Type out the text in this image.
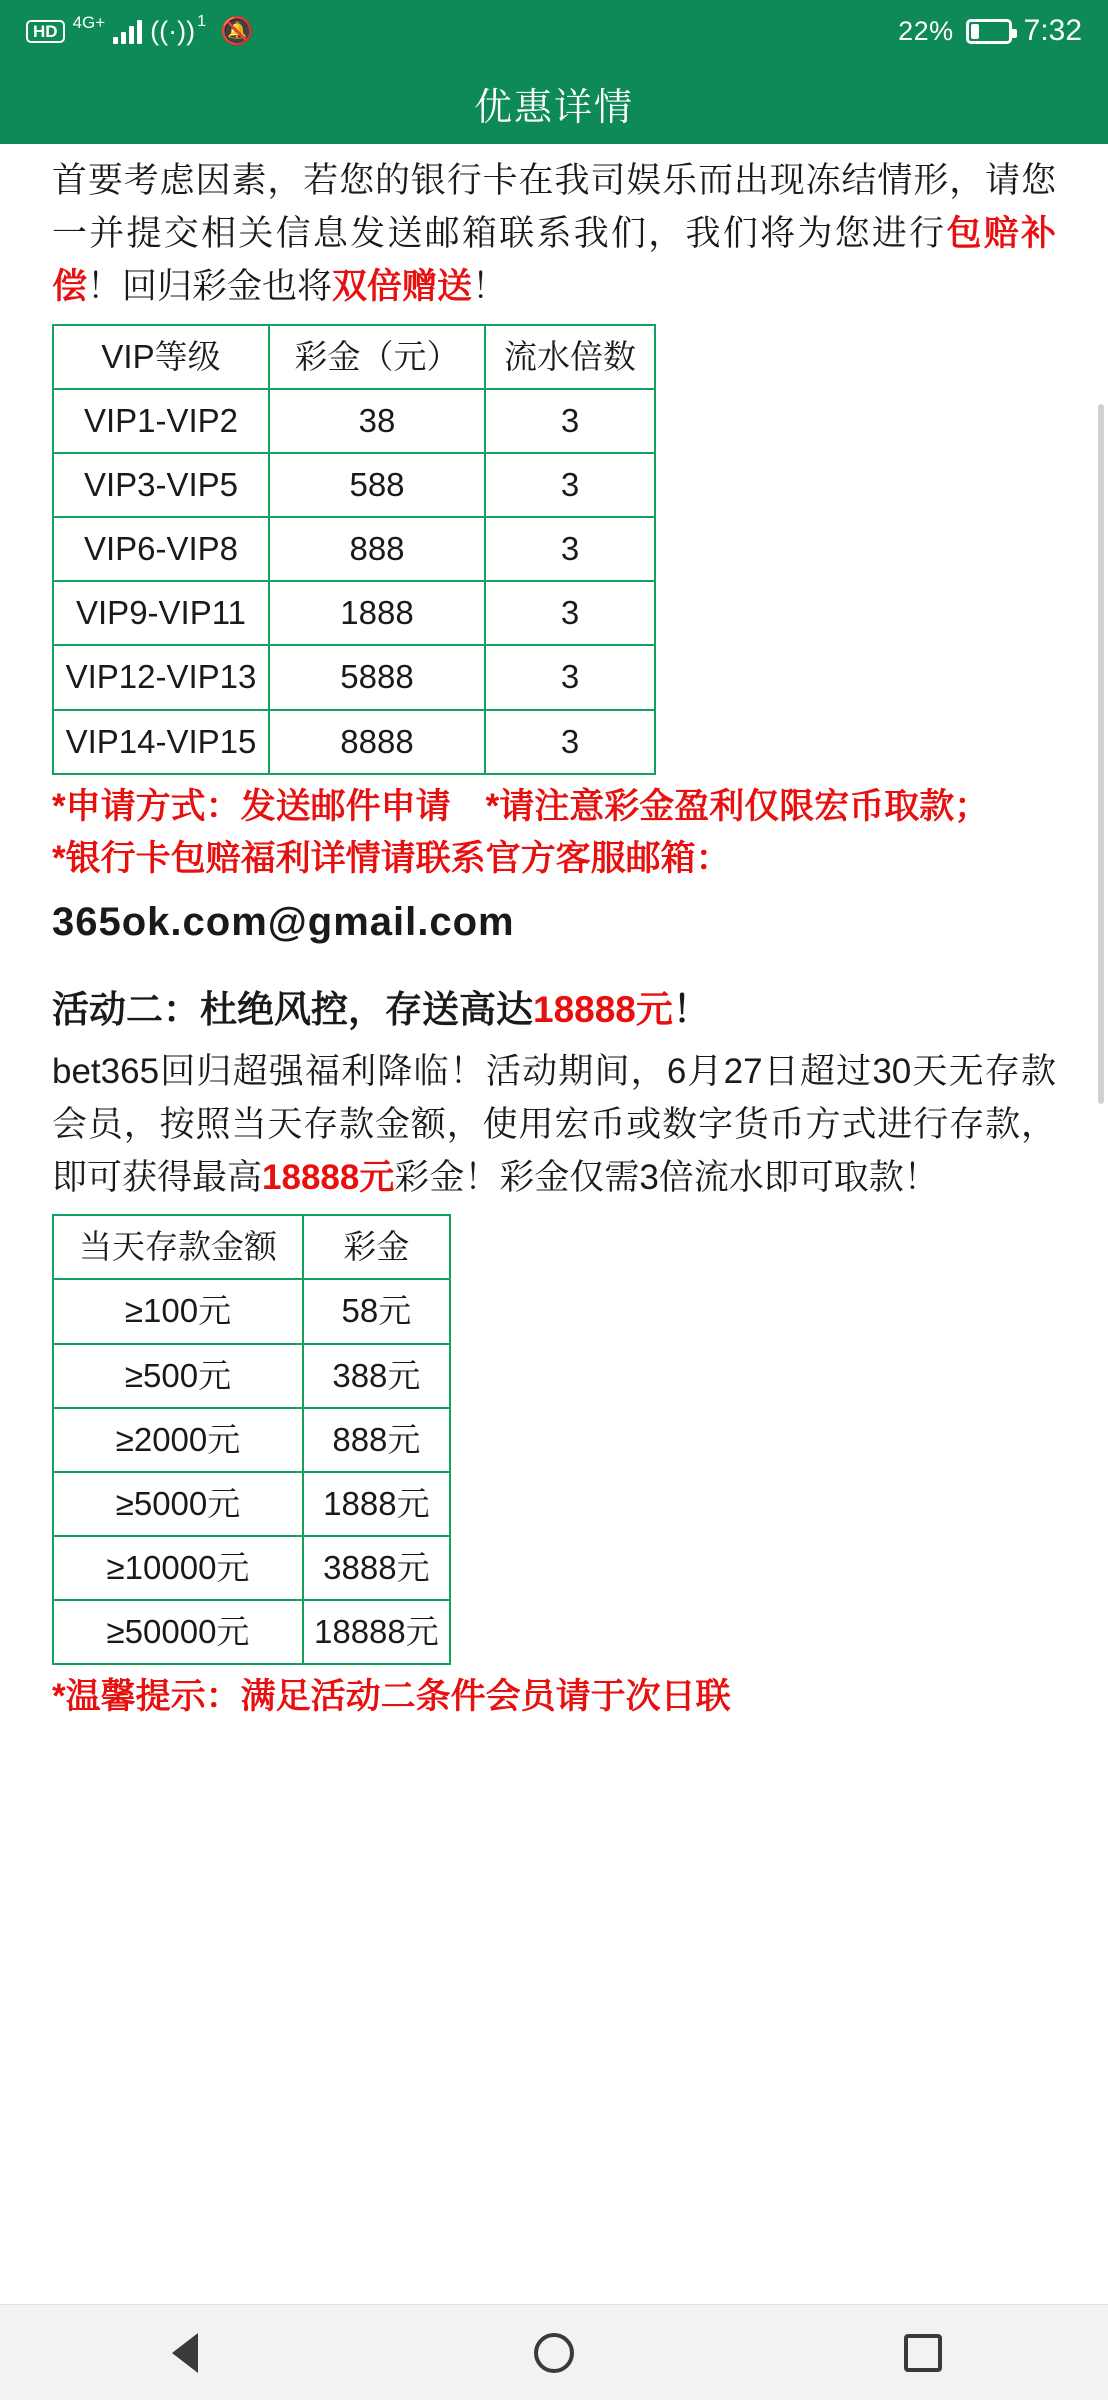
HD 4G+ ((·)) 1 🔕	22% 7:32
优惠详情
首要考虑因素，若您的银行卡在我司娱乐而出现冻结情形，请您一并提交相关信息发送邮箱联系我们，我们将为您进行包赔补偿！回归彩金也将双倍赠送！
VIP等级	彩金（元）	流水倍数
VIP1-VIP2	38	3
VIP3-VIP5	588	3
VIP6-VIP8	888	3
VIP9-VIP11	1888	3
VIP12-VIP13	5888	3
VIP14-VIP15	8888	3
*申请方式：发送邮件申请　*请注意彩金盈利仅限宏币取款；
*银行卡包赔福利详情请联系官方客服邮箱：
365ok.com@gmail.com
活动二：杜绝风控，存送高达18888元！
bet365回归超强福利降临！活动期间，6月27日超过30天无存款会员，按照当天存款金额，使用宏币或数字货币方式进行存款，即可获得最高18888元彩金！彩金仅需3倍流水即可取款！
当天存款金额	彩金
≥100元	58元
≥500元	388元
≥2000元	888元
≥5000元	1888元
≥10000元	3888元
≥50000元	18888元
*温馨提示：满足活动二条件会员请于次日联
